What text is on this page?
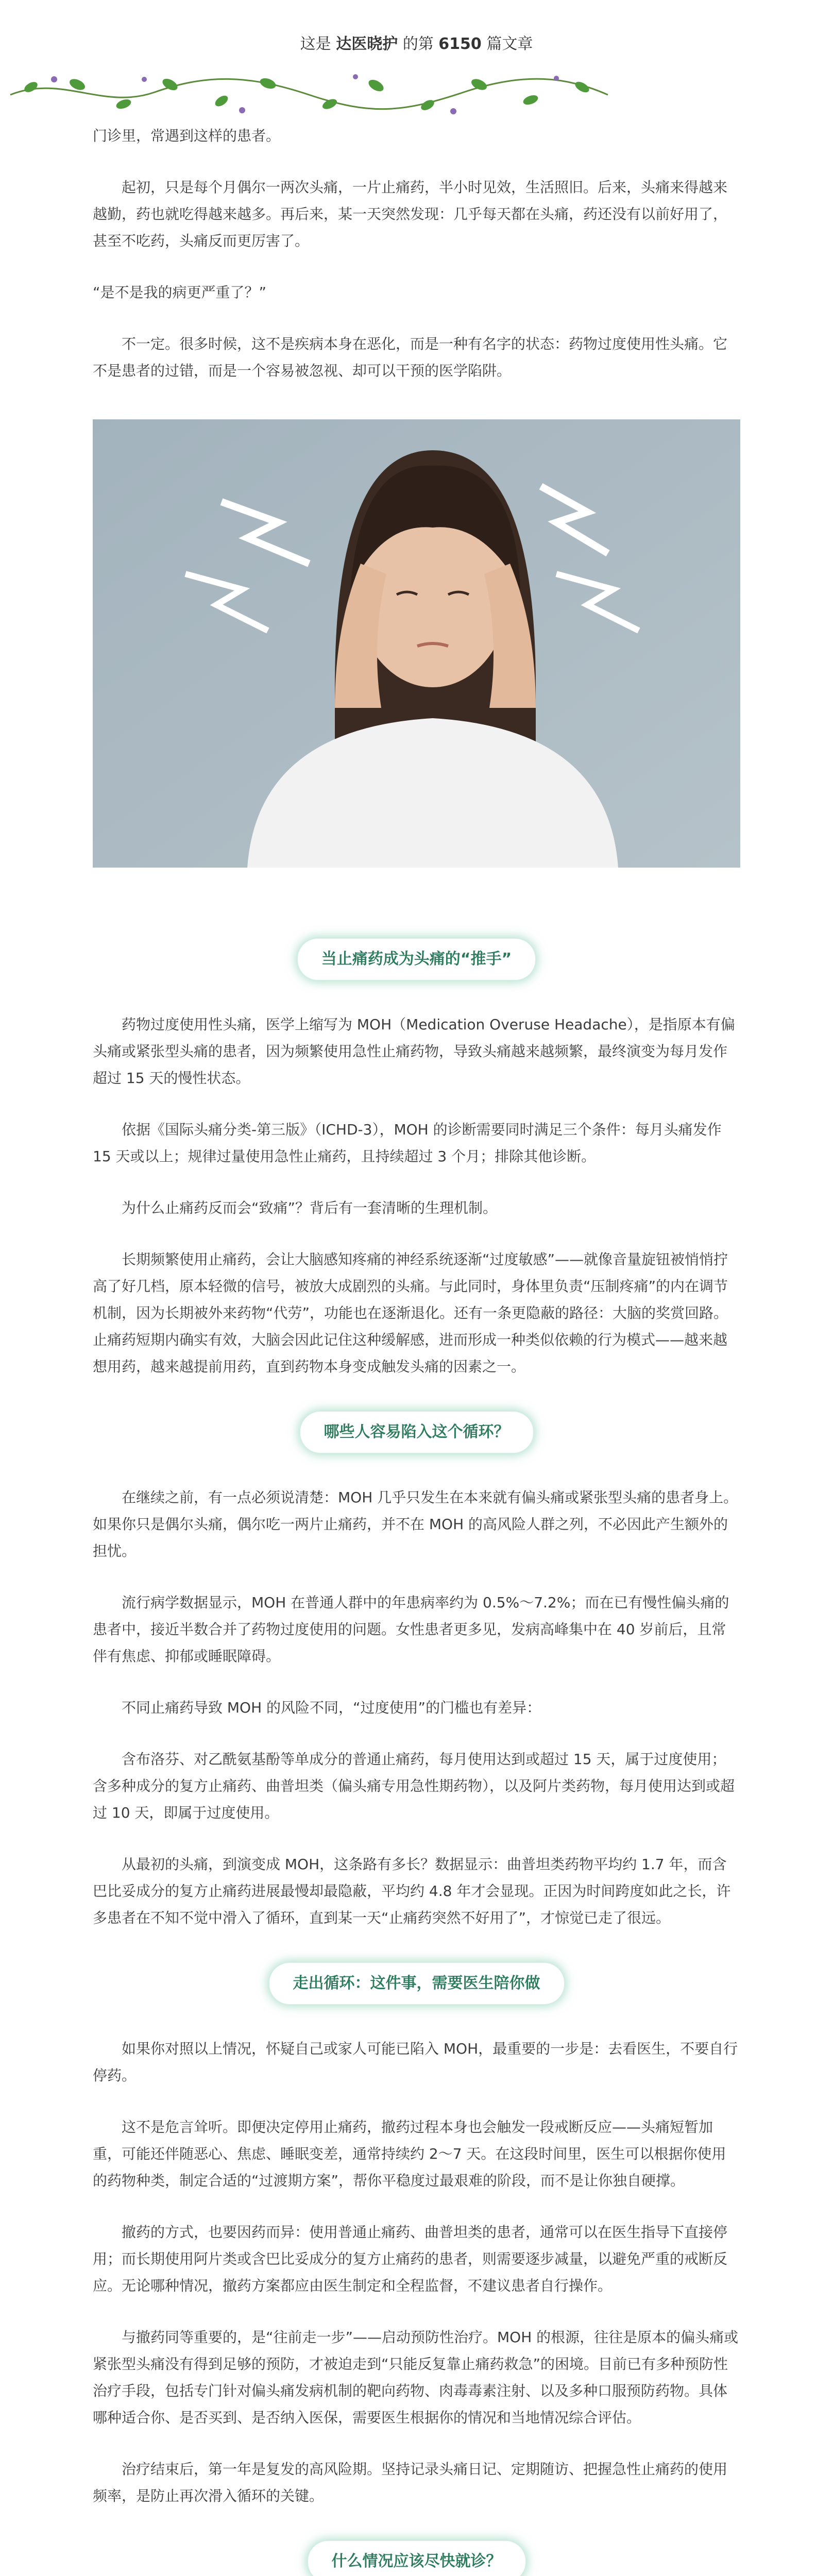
这是 达医晓护 的第 6150 篇文章

门诊里，常遇到这样的患者。

起初，只是每个月偶尔一两次头痛，一片止痛药，半小时见效，生活照旧。后来，头痛来得越来越勤，药也就吃得越来越多。再后来，某一天突然发现：几乎每天都在头痛，药还没有以前好用了，甚至不吃药，头痛反而更厉害了。

“是不是我的病更严重了？”

不一定。很多时候，这不是疾病本身在恶化，而是一种有名字的状态：药物过度使用性头痛。它不是患者的过错，而是一个容易被忽视、却可以干预的医学陷阱。

当止痛药成为头痛的“推手”

药物过度使用性头痛，医学上缩写为 MOH（Medication Overuse Headache），是指原本有偏头痛或紧张型头痛的患者，因为频繁使用急性止痛药物，导致头痛越来越频繁，最终演变为每月发作超过 15 天的慢性状态。

依据《国际头痛分类-第三版》（ICHD-3），MOH 的诊断需要同时满足三个条件：每月头痛发作 15 天或以上；规律过量使用急性止痛药，且持续超过 3 个月；排除其他诊断。

为什么止痛药反而会“致痛”？背后有一套清晰的生理机制。

长期频繁使用止痛药，会让大脑感知疼痛的神经系统逐渐“过度敏感”——就像音量旋钮被悄悄拧高了好几档，原本轻微的信号，被放大成剧烈的头痛。与此同时，身体里负责“压制疼痛”的内在调节机制，因为长期被外来药物“代劳”，功能也在逐渐退化。还有一条更隐蔽的路径：大脑的奖赏回路。止痛药短期内确实有效，大脑会因此记住这种缓解感，进而形成一种类似依赖的行为模式——越来越想用药，越来越提前用药，直到药物本身变成触发头痛的因素之一。

哪些人容易陷入这个循环？

在继续之前，有一点必须说清楚：MOH 几乎只发生在本来就有偏头痛或紧张型头痛的患者身上。如果你只是偶尔头痛，偶尔吃一两片止痛药，并不在 MOH 的高风险人群之列，不必因此产生额外的担忧。

流行病学数据显示，MOH 在普通人群中的年患病率约为 0.5%～7.2%；而在已有慢性偏头痛的患者中，接近半数合并了药物过度使用的问题。女性患者更多见，发病高峰集中在 40 岁前后，且常伴有焦虑、抑郁或睡眠障碍。

不同止痛药导致 MOH 的风险不同，“过度使用”的门槛也有差异：

含布洛芬、对乙酰氨基酚等单成分的普通止痛药，每月使用达到或超过 15 天，属于过度使用；含多种成分的复方止痛药、曲普坦类（偏头痛专用急性期药物），以及阿片类药物，每月使用达到或超过 10 天，即属于过度使用。

从最初的头痛，到演变成 MOH，这条路有多长？数据显示：曲普坦类药物平均约 1.7 年，而含巴比妥成分的复方止痛药进展最慢却最隐蔽，平均约 4.8 年才会显现。正因为时间跨度如此之长，许多患者在不知不觉中滑入了循环，直到某一天“止痛药突然不好用了”，才惊觉已走了很远。

走出循环：这件事，需要医生陪你做

如果你对照以上情况，怀疑自己或家人可能已陷入 MOH，最重要的一步是：去看医生，不要自行停药。

这不是危言耸听。即便决定停用止痛药，撤药过程本身也会触发一段戒断反应——头痛短暂加重，可能还伴随恶心、焦虑、睡眠变差，通常持续约 2～7 天。在这段时间里，医生可以根据你使用的药物种类，制定合适的“过渡期方案”，帮你平稳度过最艰难的阶段，而不是让你独自硬撑。

撤药的方式，也要因药而异：使用普通止痛药、曲普坦类的患者，通常可以在医生指导下直接停用；而长期使用阿片类或含巴比妥成分的复方止痛药的患者，则需要逐步减量，以避免严重的戒断反应。无论哪种情况，撤药方案都应由医生制定和全程监督，不建议患者自行操作。

与撤药同等重要的，是“往前走一步”——启动预防性治疗。MOH 的根源，往往是原本的偏头痛或紧张型头痛没有得到足够的预防，才被迫走到“只能反复靠止痛药救急”的困境。目前已有多种预防性治疗手段，包括专门针对偏头痛发病机制的靶向药物、肉毒毒素注射、以及多种口服预防药物。具体哪种适合你、是否买到、是否纳入医保，需要医生根据你的情况和当地情况综合评估。

治疗结束后，第一年是复发的高风险期。坚持记录头痛日记、定期随访、把握急性止痛药的使用频率，是防止再次滑入循环的关键。

什么情况应该尽快就诊？
